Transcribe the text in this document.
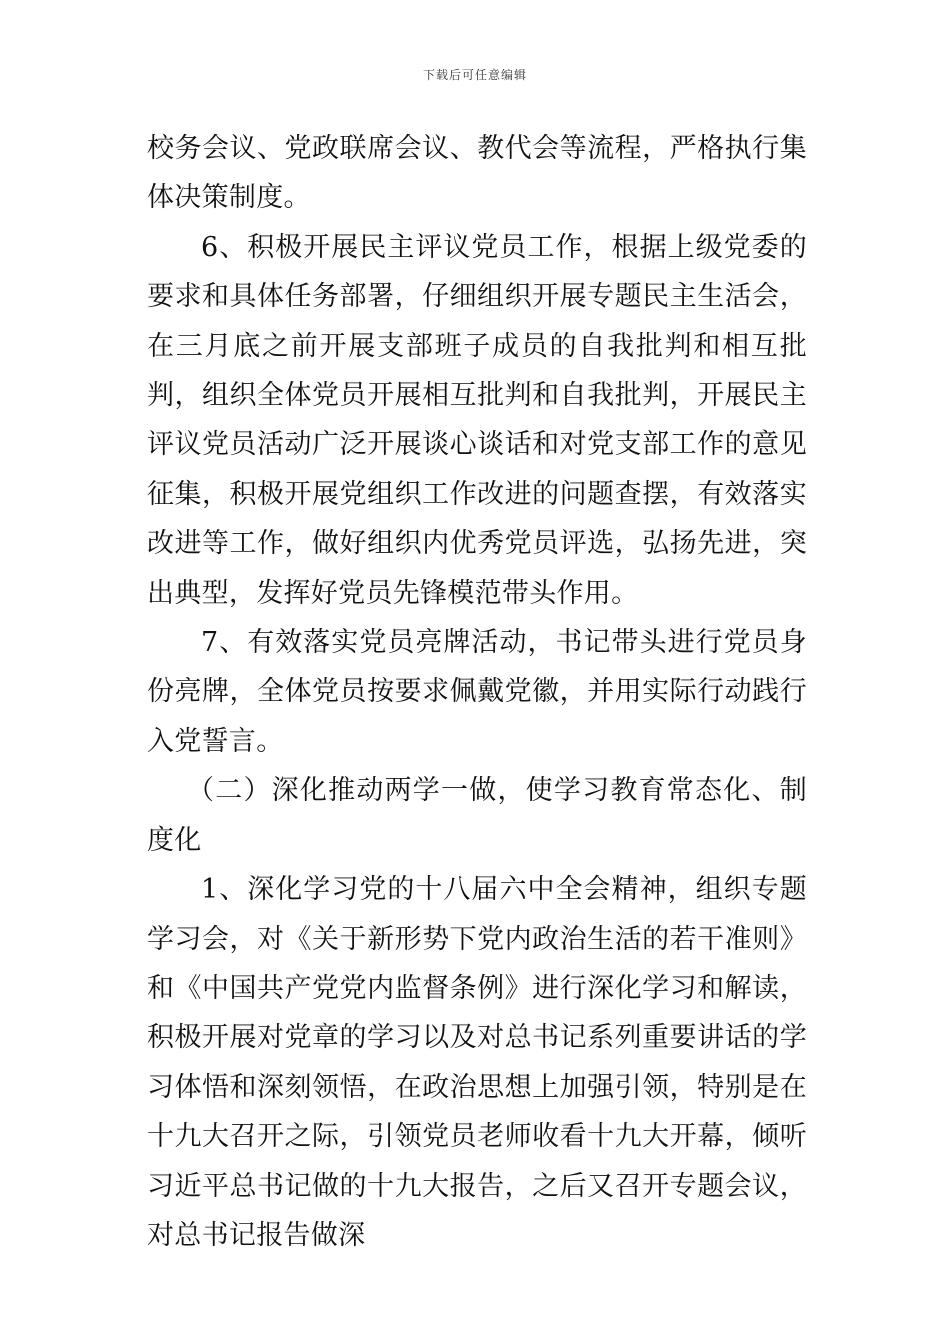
下载后可任意编辑

校务会议、党政联席会议、教代会等流程，严格执行集体决策制度。

6、积极开展民主评议党员工作，根据上级党委的要求和具体任务部署，仔细组织开展专题民主生活会，在三月底之前开展支部班子成员的自我批判和相互批判，组织全体党员开展相互批判和自我批判，开展民主评议党员活动广泛开展谈心谈话和对党支部工作的意见征集，积极开展党组织工作改进的问题查摆，有效落实改进等工作，做好组织内优秀党员评选，弘扬先进，突出典型，发挥好党员先锋模范带头作用。

7、有效落实党员亮牌活动，书记带头进行党员身份亮牌，全体党员按要求佩戴党徽，并用实际行动践行入党誓言。

（二）深化推动两学一做，使学习教育常态化、制度化

1、深化学习党的十八届六中全会精神，组织专题学习会，对《关于新形势下党内政治生活的若干准则》和《中国共产党党内监督条例》进行深化学习和解读，积极开展对党章的学习以及对总书记系列重要讲话的学习体悟和深刻领悟，在政治思想上加强引领，特别是在十九大召开之际，引领党员老师收看十九大开幕，倾听习近平总书记做的十九大报告，之后又召开专题会议，对总书记报告做深
